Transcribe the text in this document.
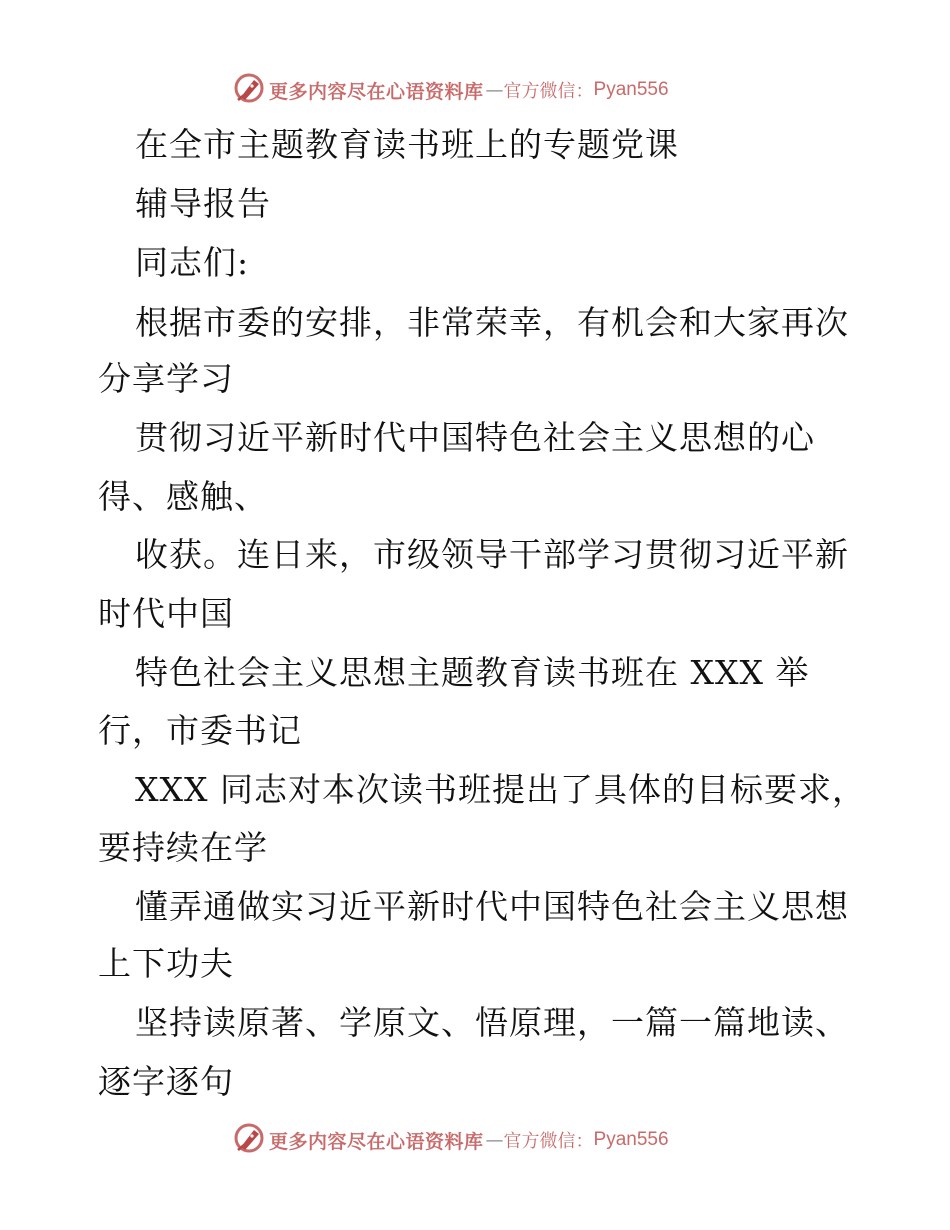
更多内容尽在心语资料库 — 官方微信： Pyan556
在全市主题教育读书班上的专题党课
辅导报告
同志们:
根据市委的安排，非常荣幸，有机会和大家再次
分享学习
贯彻习近平新时代中国特色社会主义思想的心
得、感触、
收获。连日来，市级领导干部学习贯彻习近平新
时代中国
特色社会主义思想主题教育读书班在 XXX 举
行，市委书记
XXX 同志对本次读书班提出了具体的目标要求，
要持续在学
懂弄通做实习近平新时代中国特色社会主义思想
上下功夫
坚持读原著、学原文、悟原理，一篇一篇地读、
逐字逐句
更多内容尽在心语资料库 — 官方微信： Pyan556
